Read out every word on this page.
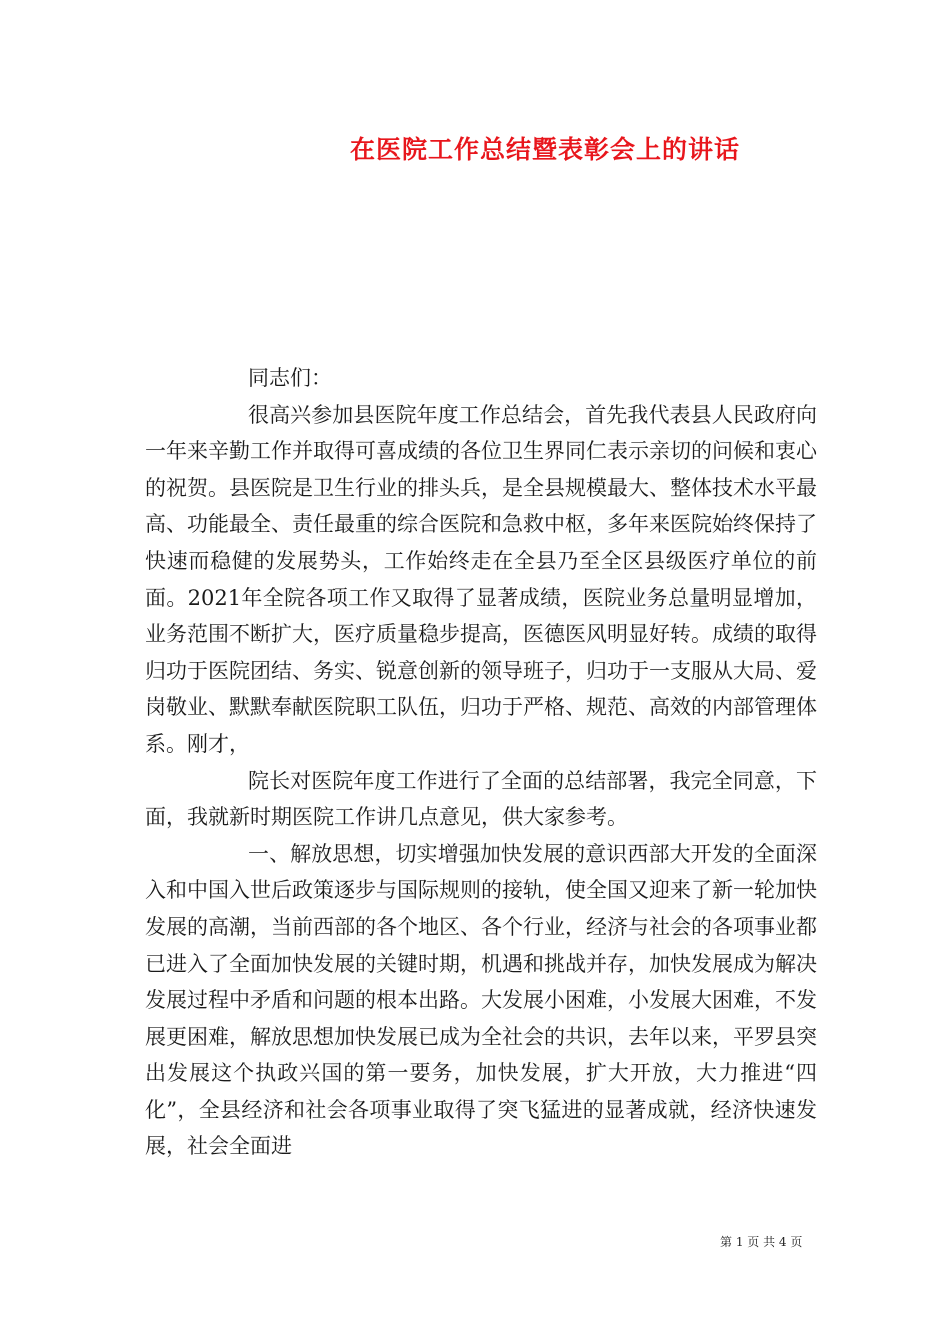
在医院工作总结暨表彰会上的讲话

同志们：

很高兴参加县医院年度工作总结会，首先我代表县人民政府向一年来辛勤工作并取得可喜成绩的各位卫生界同仁表示亲切的问候和衷心的祝贺。县医院是卫生行业的排头兵，是全县规模最大、整体技术水平最高、功能最全、责任最重的综合医院和急救中枢，多年来医院始终保持了快速而稳健的发展势头，工作始终走在全县乃至全区县级医疗单位的前面。2021年全院各项工作又取得了显著成绩，医院业务总量明显增加，业务范围不断扩大，医疗质量稳步提高，医德医风明显好转。成绩的取得归功于医院团结、务实、锐意创新的领导班子，归功于一支服从大局、爱岗敬业、默默奉献医院职工队伍，归功于严格、规范、高效的内部管理体系。刚才，

院长对医院年度工作进行了全面的总结部署，我完全同意，下面，我就新时期医院工作讲几点意见，供大家参考。

一、解放思想，切实增强加快发展的意识西部大开发的全面深入和中国入世后政策逐步与国际规则的接轨，使全国又迎来了新一轮加快发展的高潮，当前西部的各个地区、各个行业，经济与社会的各项事业都已进入了全面加快发展的关键时期，机遇和挑战并存，加快发展成为解决发展过程中矛盾和问题的根本出路。大发展小困难，小发展大困难，不发展更困难，解放思想加快发展已成为全社会的共识，去年以来，平罗县突出发展这个执政兴国的第一要务，加快发展，扩大开放，大力推进“四化”，全县经济和社会各项事业取得了突飞猛进的显著成就，经济快速发展，社会全面进

第 1 页 共 4 页
